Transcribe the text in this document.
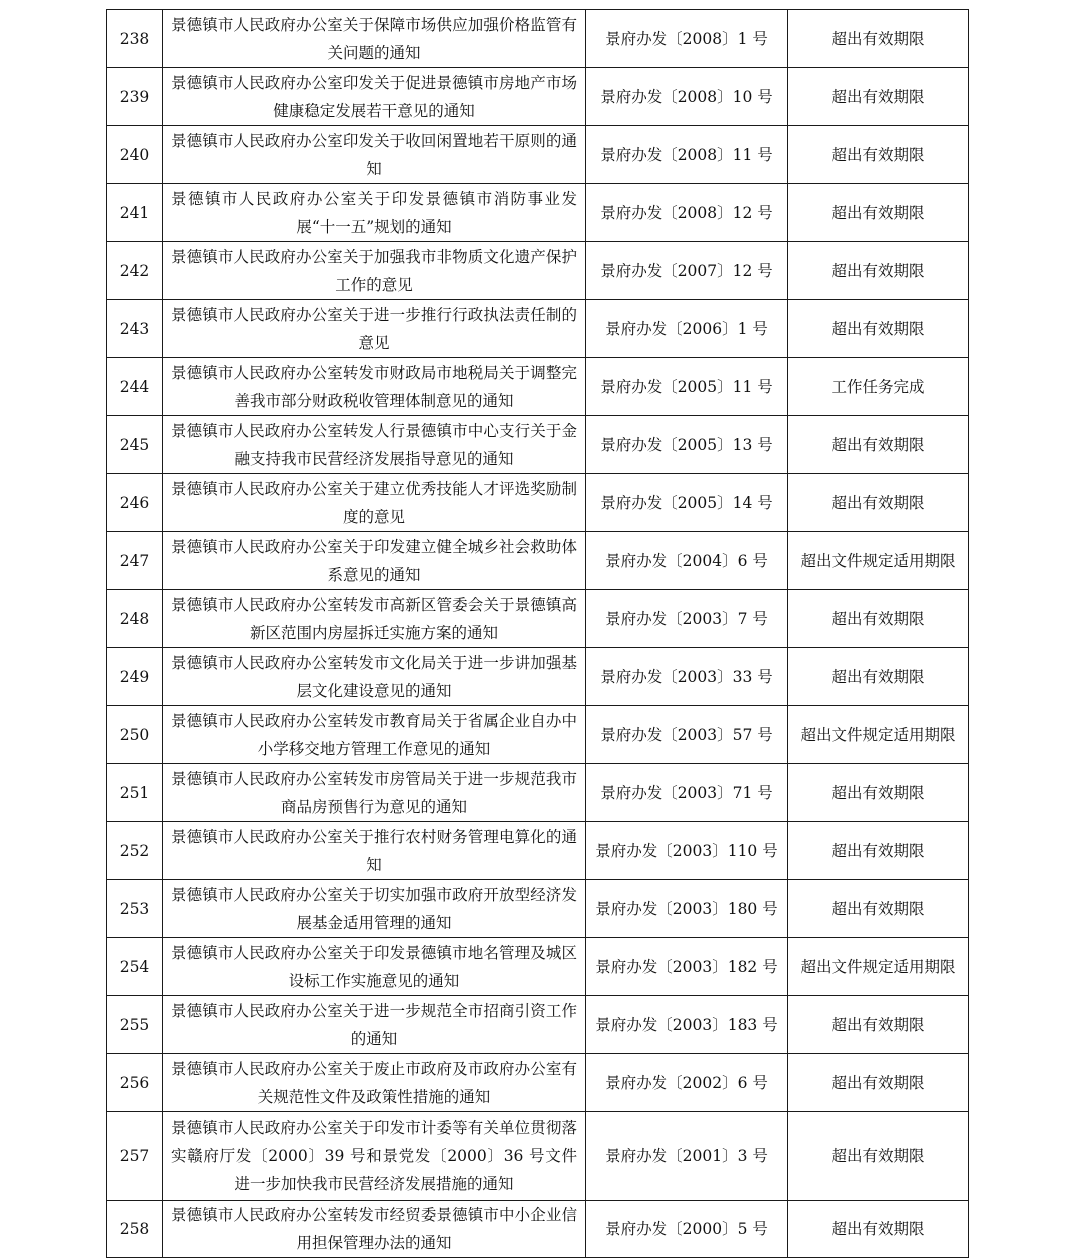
238	景德镇市人民政府办公室关于保障市场供应加强价格监管有关问题的通知	景府办发〔2008〕1 号	超出有效期限
239	景德镇市人民政府办公室印发关于促进景德镇市房地产市场健康稳定发展若干意见的通知	景府办发〔2008〕10 号	超出有效期限
240	景德镇市人民政府办公室印发关于收回闲置地若干原则的通知	景府办发〔2008〕11 号	超出有效期限
241	景德镇市人民政府办公室关于印发景德镇市消防事业发展“十一五”规划的通知	景府办发〔2008〕12 号	超出有效期限
242	景德镇市人民政府办公室关于加强我市非物质文化遗产保护工作的意见	景府办发〔2007〕12 号	超出有效期限
243	景德镇市人民政府办公室关于进一步推行行政执法责任制的意见	景府办发〔2006〕1 号	超出有效期限
244	景德镇市人民政府办公室转发市财政局市地税局关于调整完善我市部分财政税收管理体制意见的通知	景府办发〔2005〕11 号	工作任务完成
245	景德镇市人民政府办公室转发人行景德镇市中心支行关于金融支持我市民营经济发展指导意见的通知	景府办发〔2005〕13 号	超出有效期限
246	景德镇市人民政府办公室关于建立优秀技能人才评选奖励制度的意见	景府办发〔2005〕14 号	超出有效期限
247	景德镇市人民政府办公室关于印发建立健全城乡社会救助体系意见的通知	景府办发〔2004〕6 号	超出文件规定适用期限
248	景德镇市人民政府办公室转发市高新区管委会关于景德镇高新区范围内房屋拆迁实施方案的通知	景府办发〔2003〕7 号	超出有效期限
249	景德镇市人民政府办公室转发市文化局关于进一步讲加强基层文化建设意见的通知	景府办发〔2003〕33 号	超出有效期限
250	景德镇市人民政府办公室转发市教育局关于省属企业自办中小学移交地方管理工作意见的通知	景府办发〔2003〕57 号	超出文件规定适用期限
251	景德镇市人民政府办公室转发市房管局关于进一步规范我市商品房预售行为意见的通知	景府办发〔2003〕71 号	超出有效期限
252	景德镇市人民政府办公室关于推行农村财务管理电算化的通知	景府办发〔2003〕110 号	超出有效期限
253	景德镇市人民政府办公室关于切实加强市政府开放型经济发展基金适用管理的通知	景府办发〔2003〕180 号	超出有效期限
254	景德镇市人民政府办公室关于印发景德镇市地名管理及城区设标工作实施意见的通知	景府办发〔2003〕182 号	超出文件规定适用期限
255	景德镇市人民政府办公室关于进一步规范全市招商引资工作的通知	景府办发〔2003〕183 号	超出有效期限
256	景德镇市人民政府办公室关于废止市政府及市政府办公室有关规范性文件及政策性措施的通知	景府办发〔2002〕6 号	超出有效期限
257	景德镇市人民政府办公室关于印发市计委等有关单位贯彻落实赣府厅发〔2000〕39 号和景党发〔2000〕36 号文件进一步加快我市民营经济发展措施的通知	景府办发〔2001〕3 号	超出有效期限
258	景德镇市人民政府办公室转发市经贸委景德镇市中小企业信用担保管理办法的通知	景府办发〔2000〕5 号	超出有效期限
